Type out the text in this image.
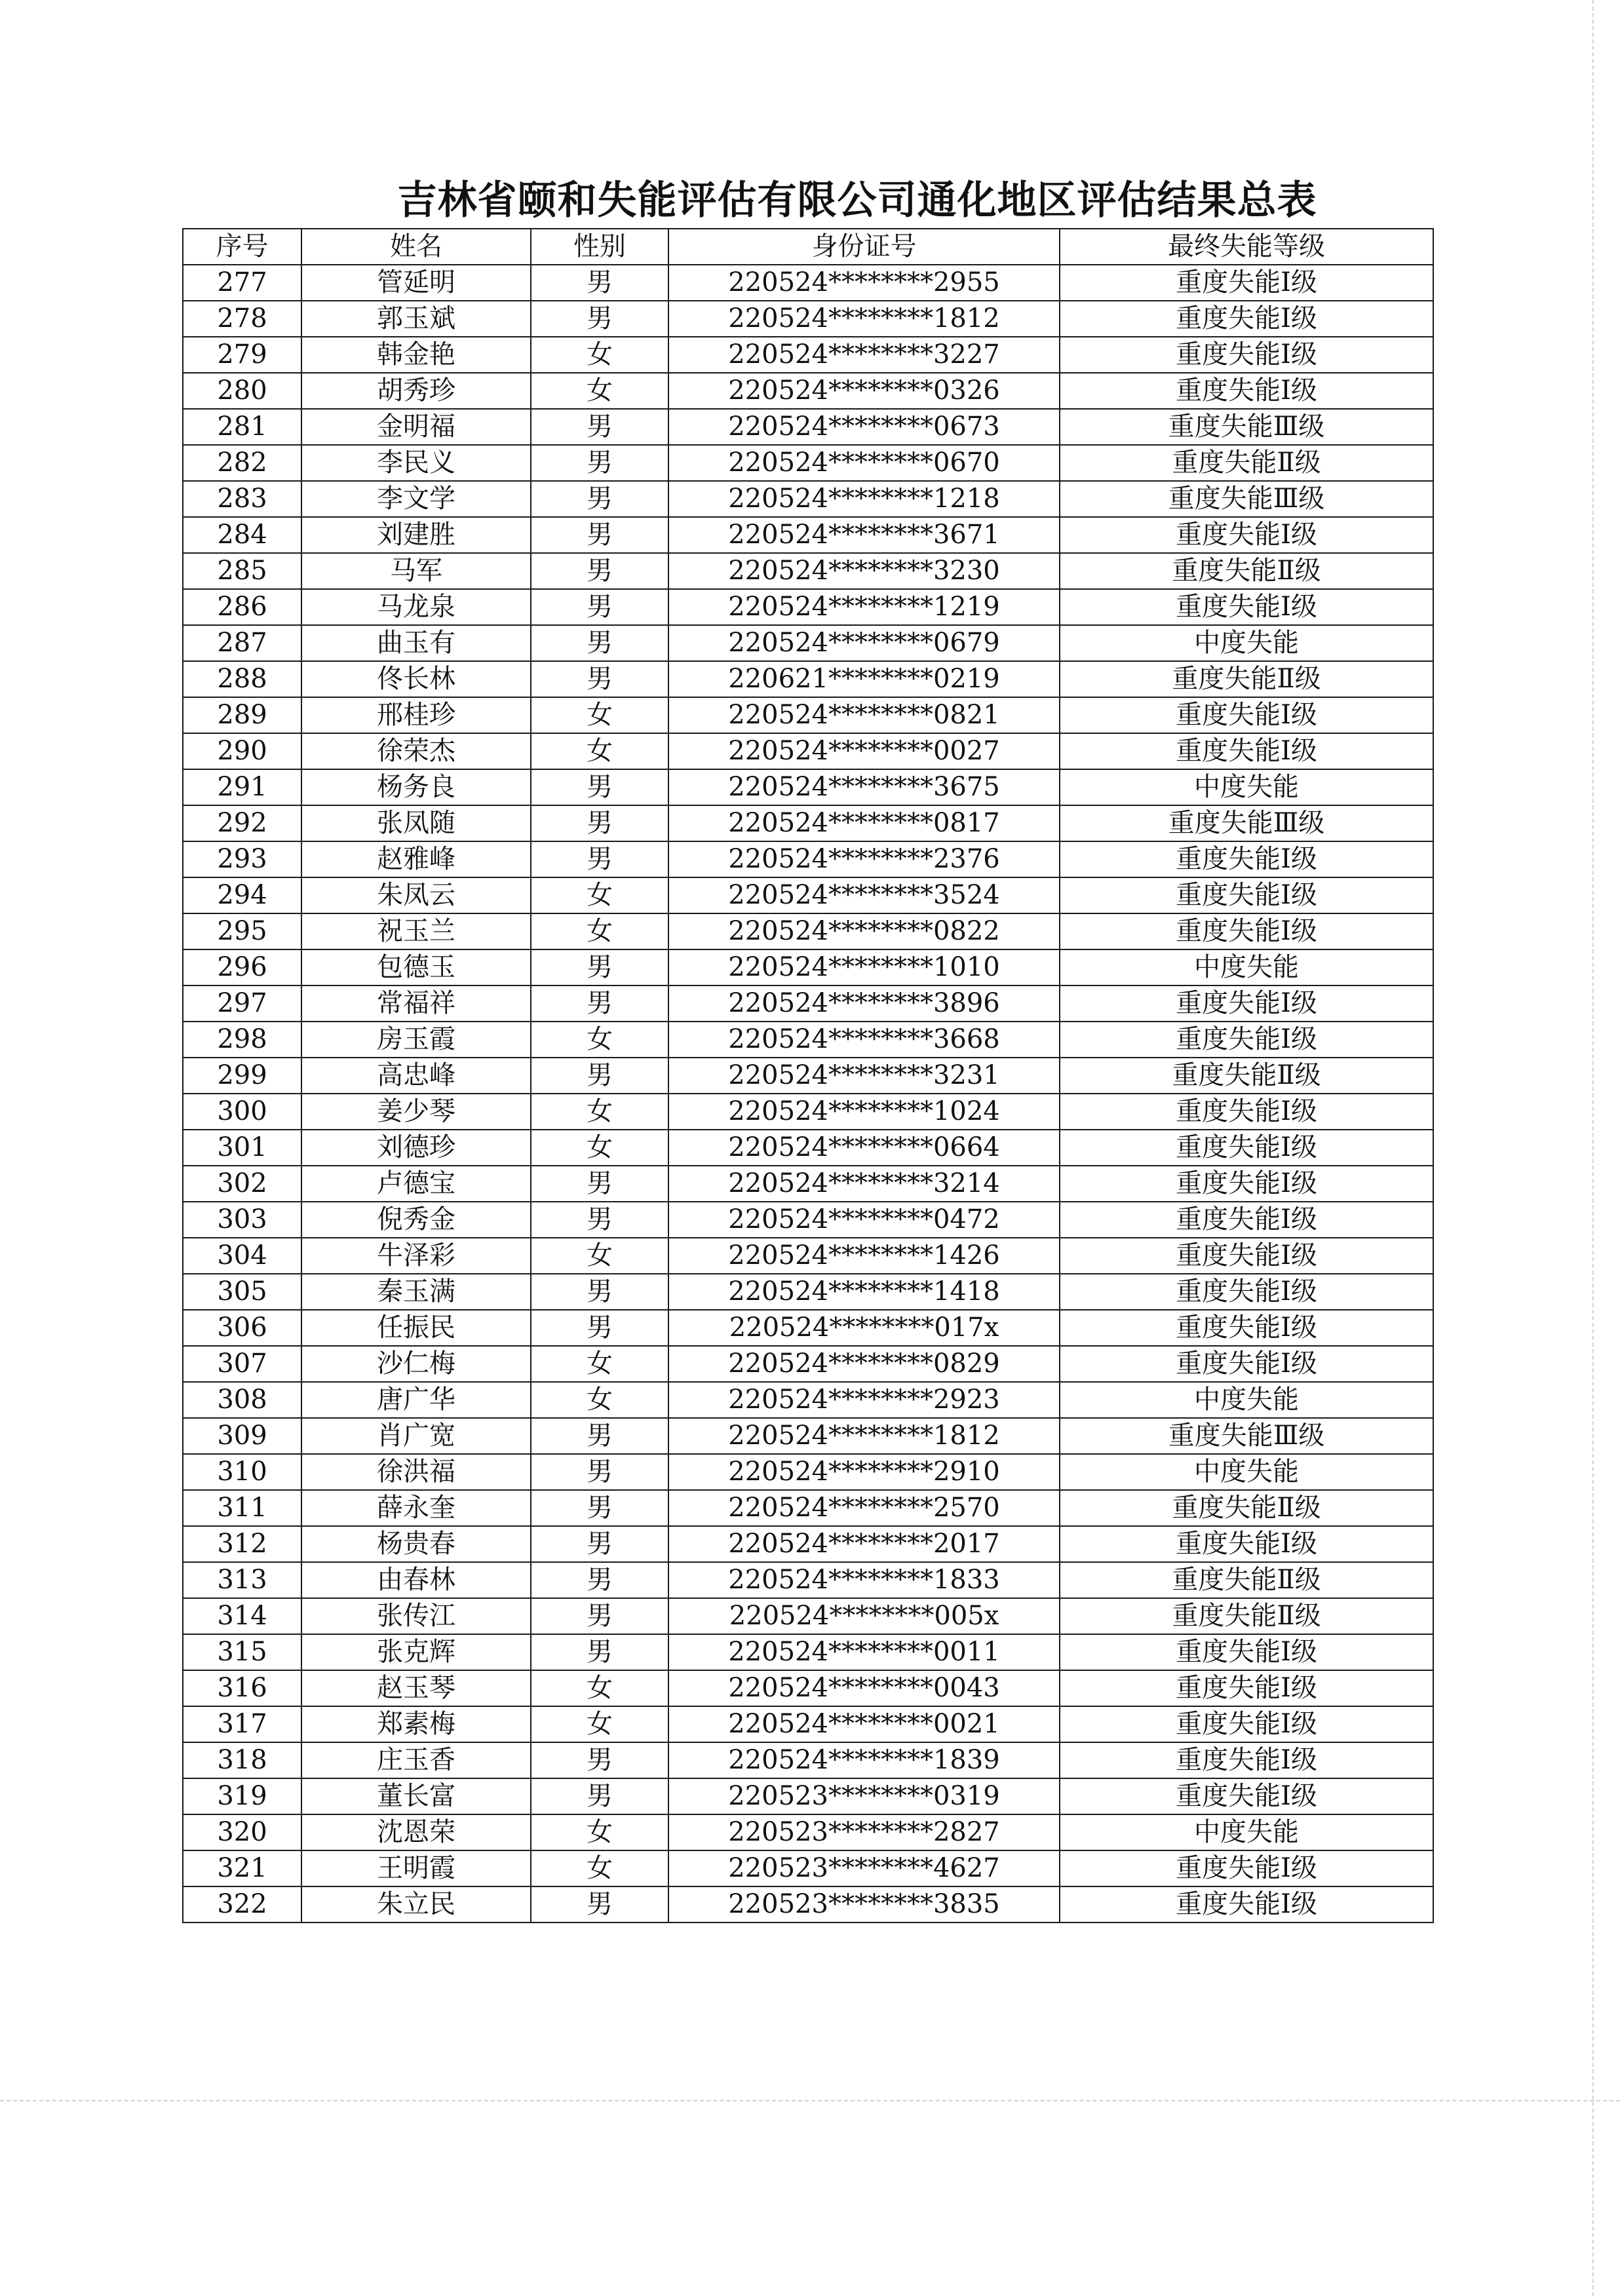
吉林省颐和失能评估有限公司通化地区评估结果总表
序号	姓名	性别	身份证号	最终失能等级
277	管延明	男	220524********2955	重度失能Ⅰ级
278	郭玉斌	男	220524********1812	重度失能Ⅰ级
279	韩金艳	女	220524********3227	重度失能Ⅰ级
280	胡秀珍	女	220524********0326	重度失能Ⅰ级
281	金明福	男	220524********0673	重度失能Ⅲ级
282	李民义	男	220524********0670	重度失能Ⅱ级
283	李文学	男	220524********1218	重度失能Ⅲ级
284	刘建胜	男	220524********3671	重度失能Ⅰ级
285	马军	男	220524********3230	重度失能Ⅱ级
286	马龙泉	男	220524********1219	重度失能Ⅰ级
287	曲玉有	男	220524********0679	中度失能
288	佟长林	男	220621********0219	重度失能Ⅱ级
289	邢桂珍	女	220524********0821	重度失能Ⅰ级
290	徐荣杰	女	220524********0027	重度失能Ⅰ级
291	杨务良	男	220524********3675	中度失能
292	张凤随	男	220524********0817	重度失能Ⅲ级
293	赵雅峰	男	220524********2376	重度失能Ⅰ级
294	朱凤云	女	220524********3524	重度失能Ⅰ级
295	祝玉兰	女	220524********0822	重度失能Ⅰ级
296	包德玉	男	220524********1010	中度失能
297	常福祥	男	220524********3896	重度失能Ⅰ级
298	房玉霞	女	220524********3668	重度失能Ⅰ级
299	高忠峰	男	220524********3231	重度失能Ⅱ级
300	姜少琴	女	220524********1024	重度失能Ⅰ级
301	刘德珍	女	220524********0664	重度失能Ⅰ级
302	卢德宝	男	220524********3214	重度失能Ⅰ级
303	倪秀金	男	220524********0472	重度失能Ⅰ级
304	牛泽彩	女	220524********1426	重度失能Ⅰ级
305	秦玉满	男	220524********1418	重度失能Ⅰ级
306	任振民	男	220524********017x	重度失能Ⅰ级
307	沙仁梅	女	220524********0829	重度失能Ⅰ级
308	唐广华	女	220524********2923	中度失能
309	肖广宽	男	220524********1812	重度失能Ⅲ级
310	徐洪福	男	220524********2910	中度失能
311	薛永奎	男	220524********2570	重度失能Ⅱ级
312	杨贵春	男	220524********2017	重度失能Ⅰ级
313	由春林	男	220524********1833	重度失能Ⅱ级
314	张传江	男	220524********005x	重度失能Ⅱ级
315	张克辉	男	220524********0011	重度失能Ⅰ级
316	赵玉琴	女	220524********0043	重度失能Ⅰ级
317	郑素梅	女	220524********0021	重度失能Ⅰ级
318	庄玉香	男	220524********1839	重度失能Ⅰ级
319	董长富	男	220523********0319	重度失能Ⅰ级
320	沈恩荣	女	220523********2827	中度失能
321	王明霞	女	220523********4627	重度失能Ⅰ级
322	朱立民	男	220523********3835	重度失能Ⅰ级
